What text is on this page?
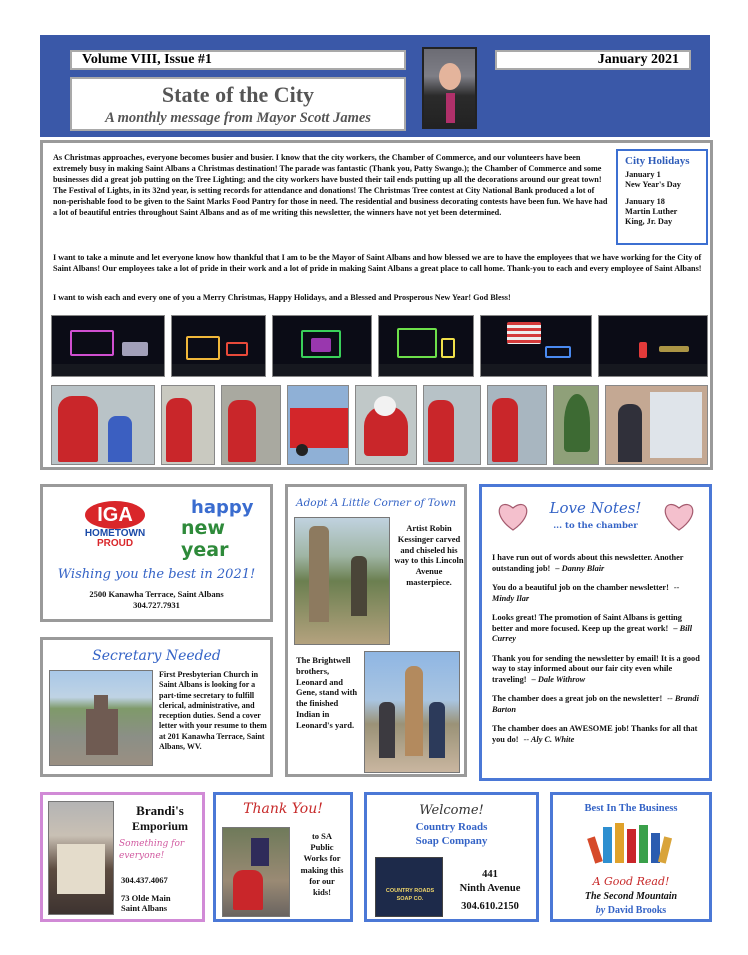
Volume VIII, Issue #1
State of the City
A monthly message from Mayor Scott James
January 2021

As Christmas approaches, everyone becomes busier and busier. I know that the city workers, the Chamber of Commerce, and our volunteers have been extremely busy in making Saint Albans a Christmas destination! The parade was fantastic (Thank you, Patty Swango.); the Chamber of Commerce and some businesses did a great job putting on the Tree Lighting; and the city workers have busted their tail ends putting up all the decorations around our great town! The Festival of Lights, in its 32nd year, is setting records for attendance and donations! The Christmas Tree contest at City National Bank produced a lot of non-perishable food to be given to the Saint Marks Food Pantry for those in need. The residential and business decorating contests have been fun. We have had a lot of beautiful entries throughout Saint Albans and as of me writing this newsletter, the winners have not yet been determined.

I want to take a minute and let everyone know how thankful that I am to be the Mayor of Saint Albans and how blessed we are to have the employees that we have working for the City of Saint Albans! Our employees take a lot of pride in their work and a lot of pride in making Saint Albans a great place to call home. Thank-you to each and every employee of Saint Albans!

I want to wish each and every one of you a Merry Christmas, Happy Holidays, and a Blessed and Prosperous New Year! God Bless!

City Holidays
January 1
New Year's Day
January 18
Martin Luther
King, Jr. Day
IGA
HOMETOWN
PROUD
happy
new year
Wishing you the best in 2021!
2500 Kanawha Terrace, Saint Albans
304.727.7931
Secretary Needed
First Presbyterian Church in Saint Albans is looking for a part-time secretary to fulfill clerical, administrative, and reception duties. Send a cover letter with your resume to them at 201 Kanawha Terrace, Saint Albans, WV.
Adopt A Little Corner of Town
Artist Robin Kessinger carved and chiseled his way to this Lincoln Avenue masterpiece.
The Brightwell brothers, Leonard and Gene, stand with the finished Indian in Leonard's yard.
Love Notes!
... to the chamber
I have run out of words about this newsletter. Another outstanding job! – Danny Blair
You do a beautiful job on the chamber newsletter! -- Mindy Ilar
Looks great! The promotion of Saint Albans is getting better and more focused. Keep up the great work! – Bill Currey
Thank you for sending the newsletter by email! It is a good way to stay informed about our fair city even while traveling! – Dale Withrow
The chamber does a great job on the newsletter! -- Brandi Barton
The chamber does an AWESOME job! Thanks for all that you do! -- Aly C. White
Brandi's
Emporium
Something for
everyone!
304.437.4067
73 Olde Main
Saint Albans
Thank You!
to SA Public Works for making this for our kids!
Welcome!
Country Roads
Soap Company
COUNTRY ROADS
SOAP CO.
441
Ninth Avenue
304.610.2150
Best In The Business
A Good Read!
The Second Mountain
by David Brooks
